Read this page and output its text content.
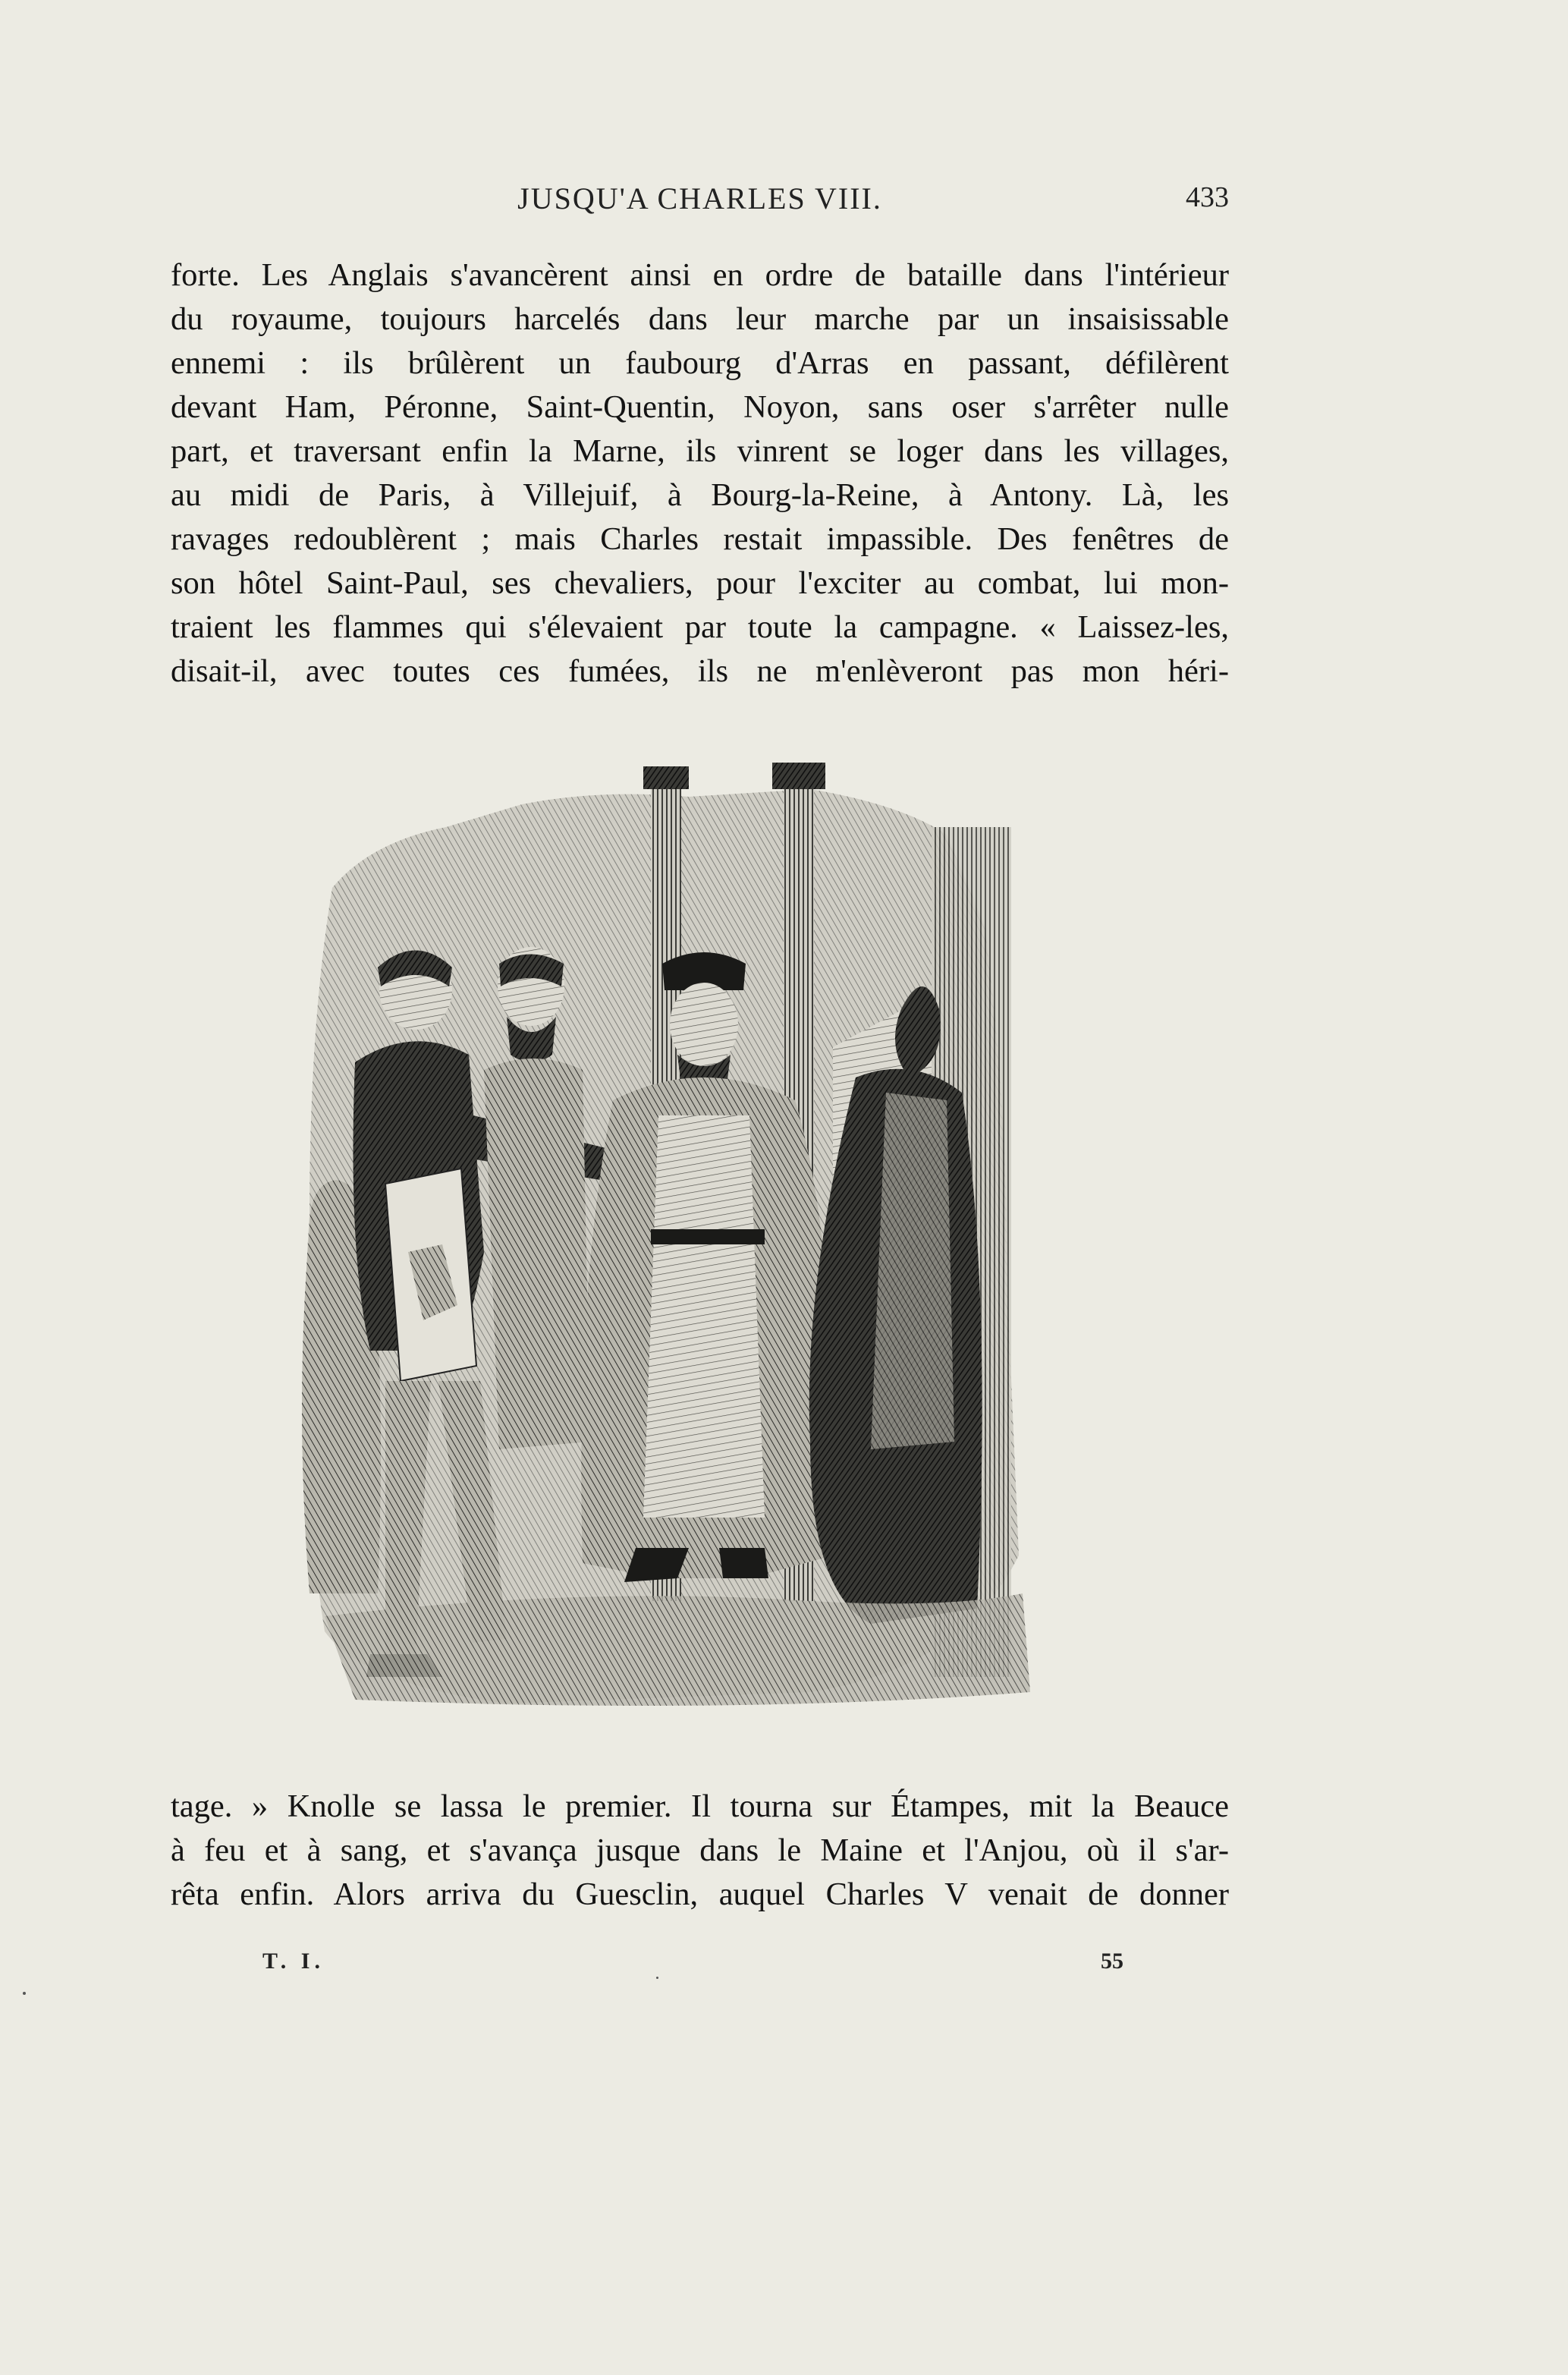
JUSQU'A CHARLES VIII.	433
forte. Les Anglais s'avancèrent ainsi en ordre de bataille dans l'intérieur
du royaume, toujours harcelés dans leur marche par un insaisissable
ennemi : ils brûlèrent un faubourg d'Arras en passant, défilèrent
devant Ham, Péronne, Saint-Quentin, Noyon, sans oser s'arrêter nulle
part, et traversant enfin la Marne, ils vinrent se loger dans les villages,
au midi de Paris, à Villejuif, à Bourg-la-Reine, à Antony. Là, les
ravages redoublèrent ; mais Charles restait impassible. Des fenêtres de
son hôtel Saint-Paul, ses chevaliers, pour l'exciter au combat, lui mon-
traient les flammes qui s'élevaient par toute la campagne. « Laissez-les,
disait-il, avec toutes ces fumées, ils ne m'enlèveront pas mon héri-
tage. » Knolle se lassa le premier. Il tourna sur Étampes, mit la Beauce
à feu et à sang, et s'avança jusque dans le Maine et l'Anjou, où il s'ar-
rêta enfin. Alors arriva du Guesclin, auquel Charles V venait de donner
T. I.	55
